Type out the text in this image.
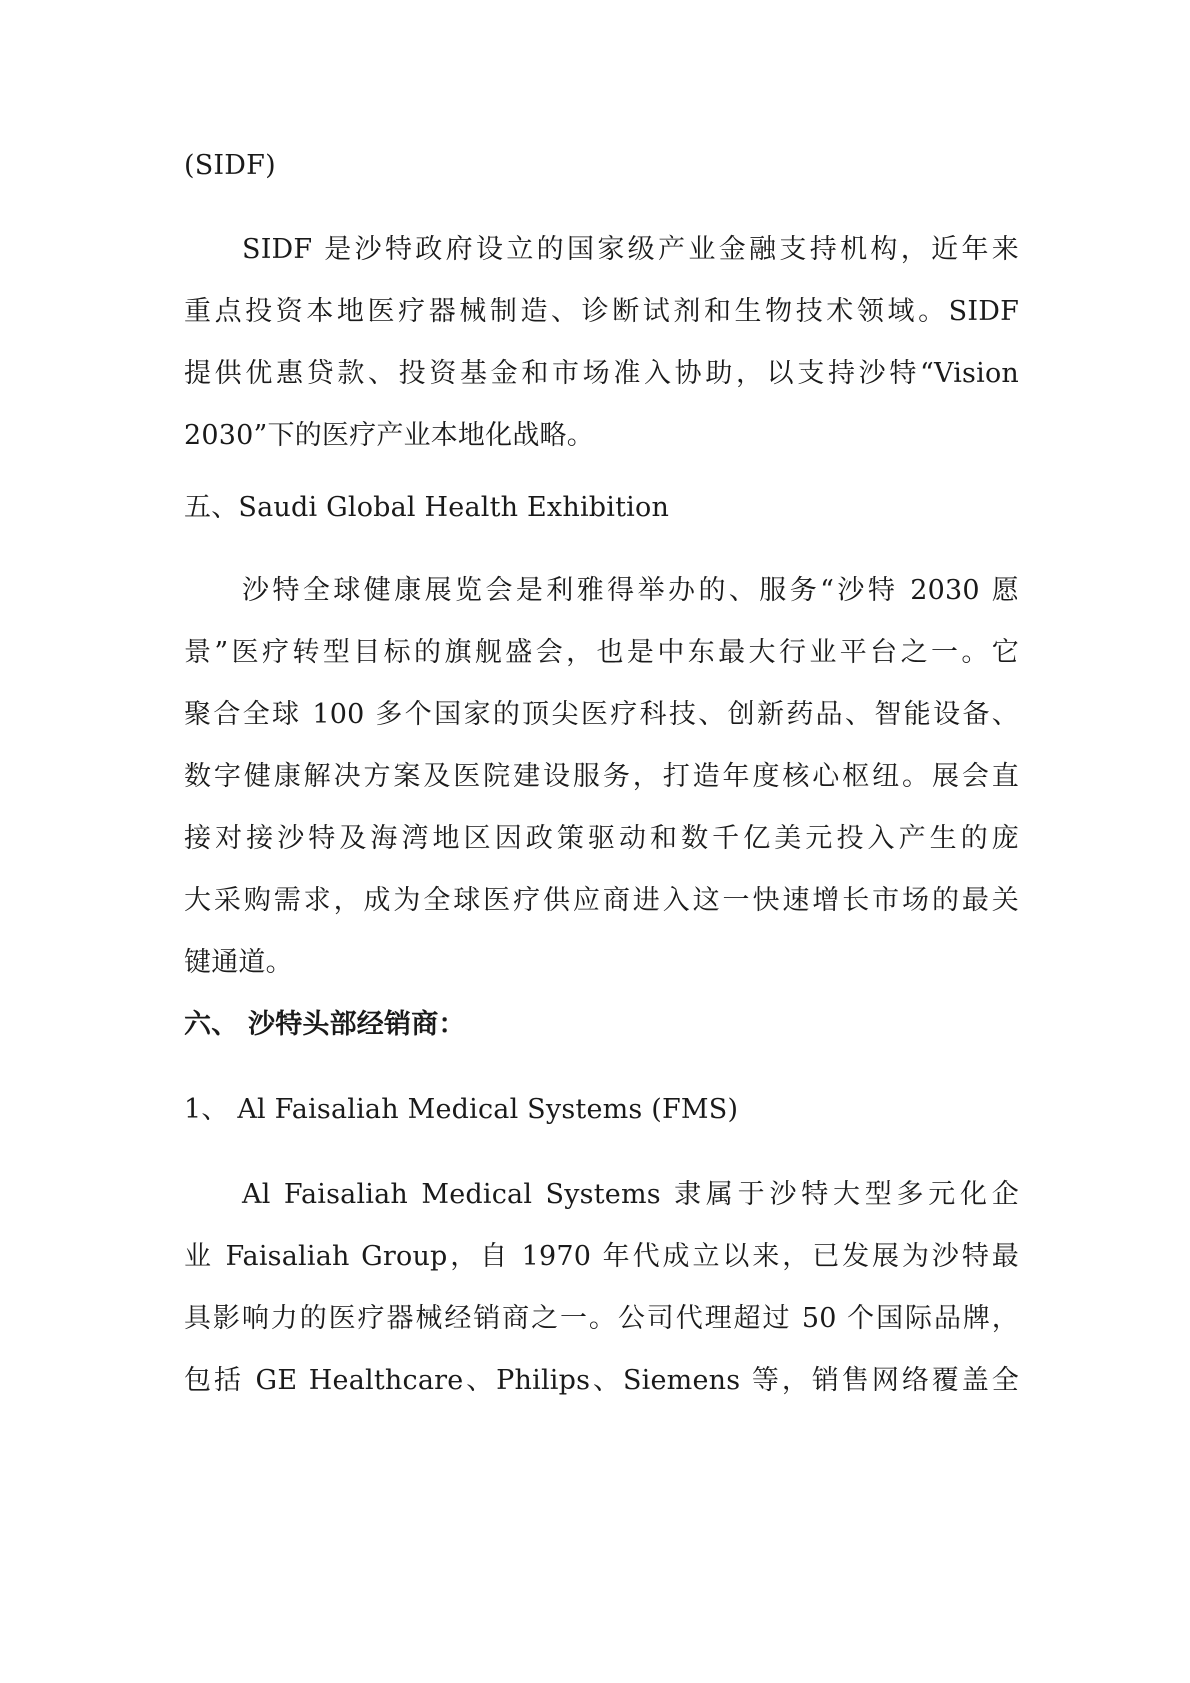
(SIDF)
SIDF 是沙特政府设立的国家级产业金融支持机构，近年来
重点投资本地医疗器械制造、诊断试剂和生物技术领域。SIDF
提供优惠贷款、投资基金和市场准入协助，以支持沙特“Vision
2030”下的医疗产业本地化战略。
五、Saudi Global Health Exhibition
沙特全球健康展览会是利雅得举办的、服务“沙特 2030 愿
景”医疗转型目标的旗舰盛会，也是中东最大行业平台之一。它
聚合全球 100 多个国家的顶尖医疗科技、创新药品、智能设备、
数字健康解决方案及医院建设服务，打造年度核心枢纽。展会直
接对接沙特及海湾地区因政策驱动和数千亿美元投入产生的庞
大采购需求，成为全球医疗供应商进入这一快速增长市场的最关
键通道。
六、 沙特头部经销商：
1、 Al Faisaliah Medical Systems (FMS)
Al Faisaliah Medical Systems 隶属于沙特大型多元化企
业 Faisaliah Group，自 1970 年代成立以来，已发展为沙特最
具影响力的医疗器械经销商之一。公司代理超过 50 个国际品牌，
包括 GE Healthcare、Philips、Siemens 等，销售网络覆盖全
